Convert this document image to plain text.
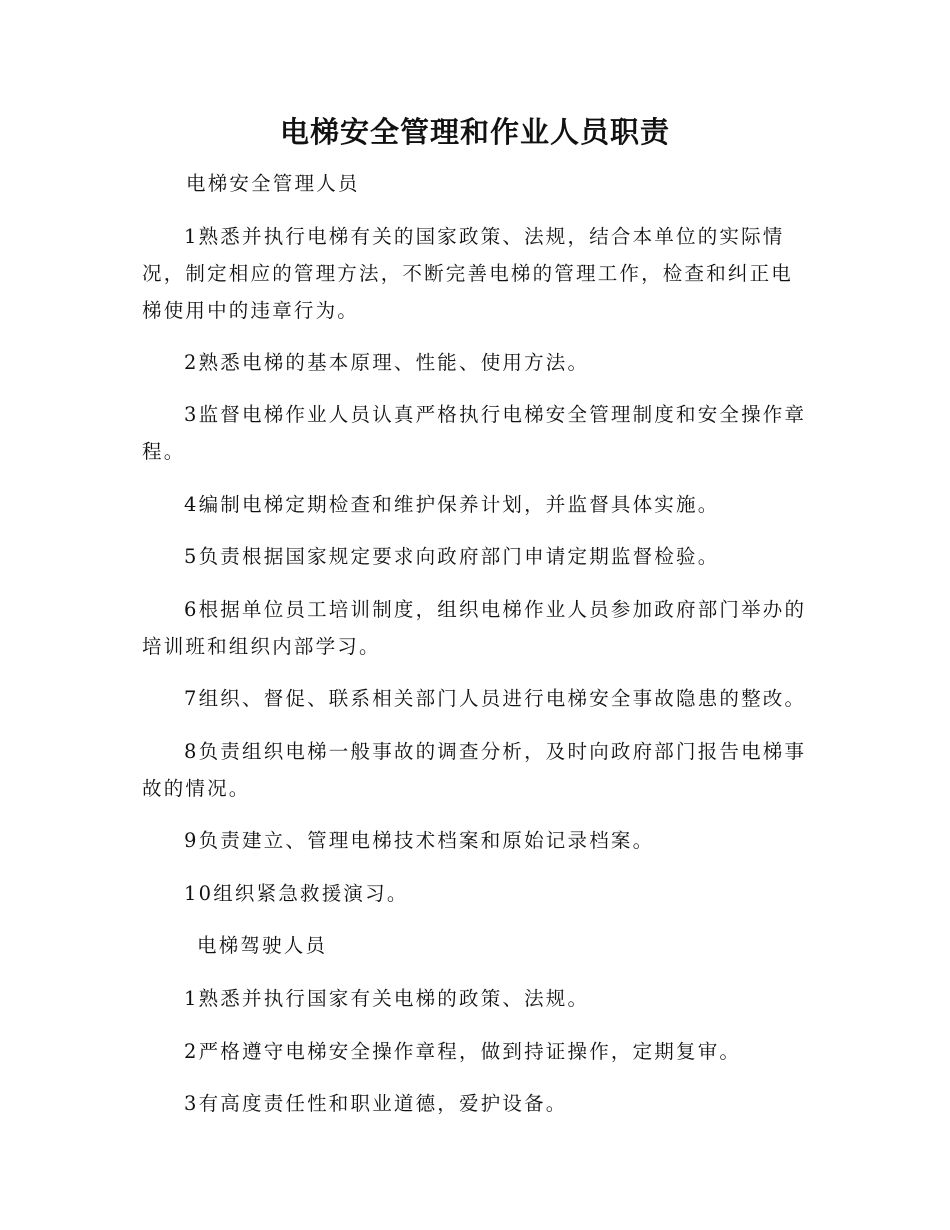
电梯安全管理和作业人员职责
电梯安全管理人员
1熟悉并执行电梯有关的国家政策、法规，结合本单位的实际情
况，制定相应的管理方法，不断完善电梯的管理工作，检查和纠正电
梯使用中的违章行为。
2熟悉电梯的基本原理、性能、使用方法。
3监督电梯作业人员认真严格执行电梯安全管理制度和安全操作章
程。
4编制电梯定期检查和维护保养计划，并监督具体实施。
5负责根据国家规定要求向政府部门申请定期监督检验。
6根据单位员工培训制度，组织电梯作业人员参加政府部门举办的
培训班和组织内部学习。
7组织、督促、联系相关部门人员进行电梯安全事故隐患的整改。
8负责组织电梯一般事故的调查分析，及时向政府部门报告电梯事
故的情况。
9负责建立、管理电梯技术档案和原始记录档案。
10组织紧急救援演习。
电梯驾驶人员
1熟悉并执行国家有关电梯的政策、法规。
2严格遵守电梯安全操作章程，做到持证操作，定期复审。
3有高度责任性和职业道德，爱护设备。
